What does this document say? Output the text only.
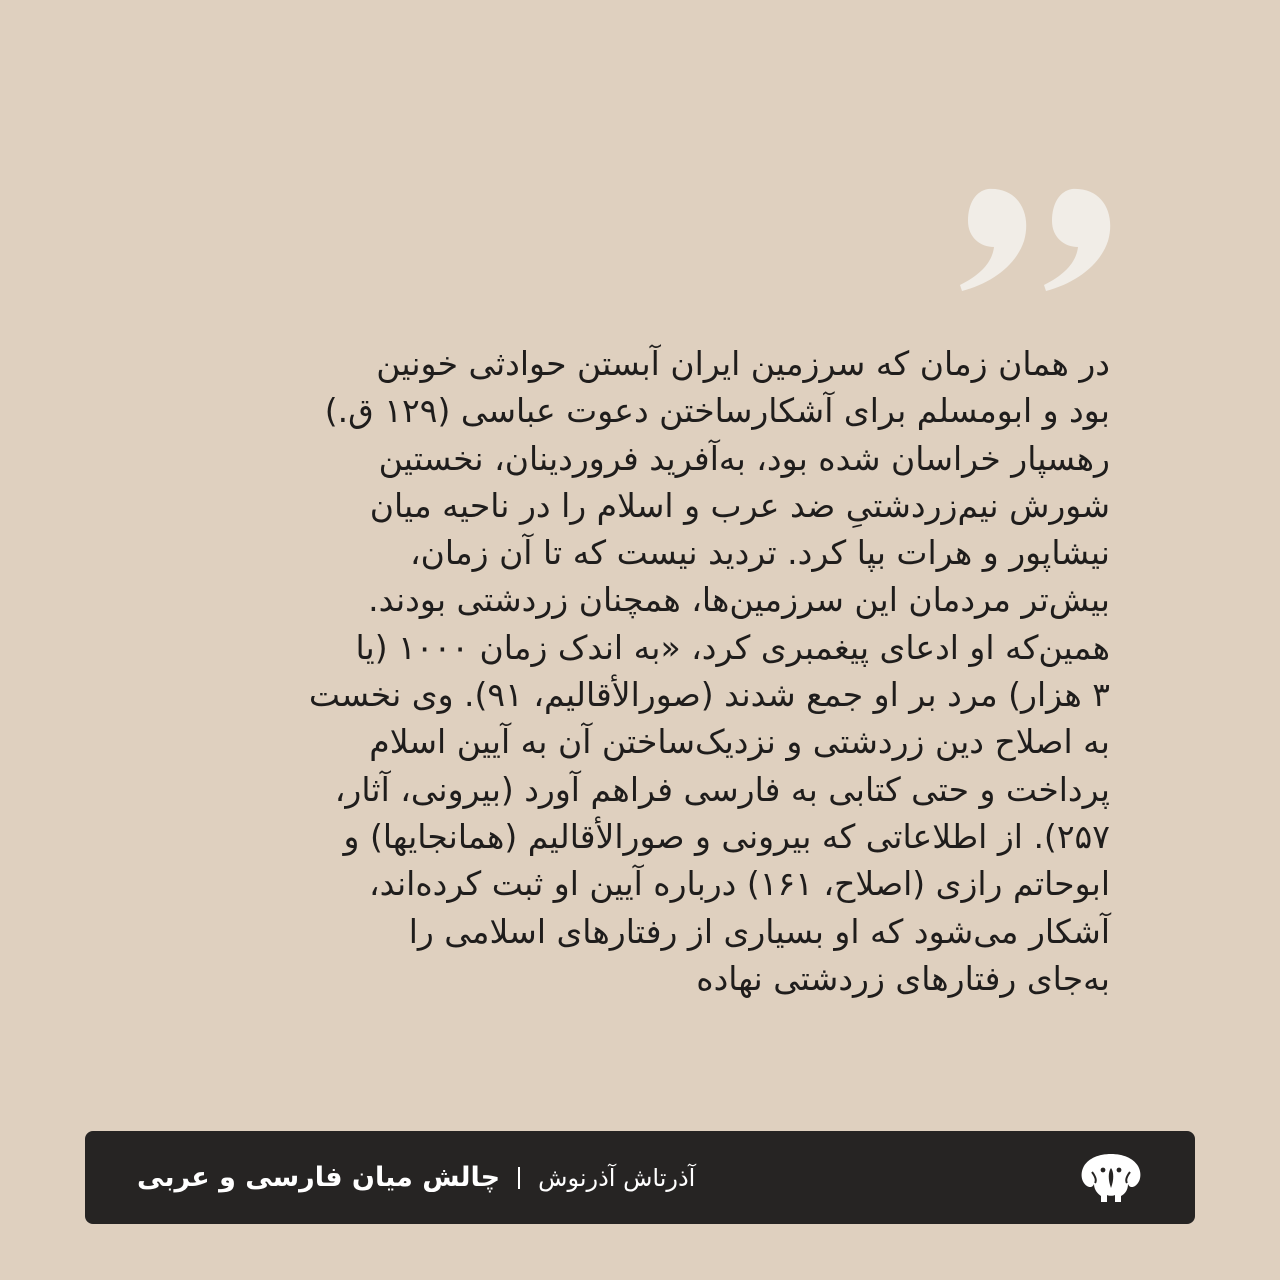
در همان زمان که سرزمین ایران آبستن حوادثی خونین
بود و ابومسلم برای آشکارساختن دعوت عباسی (۱۲۹ ق.)
رهسپار خراسان شده بود، به‌آفرید فروردینان، نخستین
شورش نیم‌زردشتیِ ضد عرب و اسلام را در ناحیه میان
نیشاپور و هرات بپا کرد. تردید نیست که تا آن زمان،
بیش‌تر مردمان این سرزمین‌ها، همچنان زردشتی بودند.
همین‌که او ادعای پیغمبری کرد، «به اندک زمان ۱۰۰۰ (یا
۳ هزار) مرد بر او جمع شدند (صورالأقالیم، ۹۱). وی نخست
به اصلاح دین زردشتی و نزدیک‌ساختن آن به آیین اسلام
پرداخت و حتی کتابی به فارسی فراهم آورد (بیرونی، آثار،
۲۵۷). از اطلاعاتی که بیرونی و صورالأقالیم (همانجایها) و
ابوحاتم رازی (اصلاح، ۱۶۱) درباره آیین او ثبت کرده‌اند،
آشکار می‌شود که او بسیاری از رفتارهای اسلامی را
به‌جای رفتارهای زردشتی نهاده
چالش میان فارسی و عربی آذرتاش آذرنوش
